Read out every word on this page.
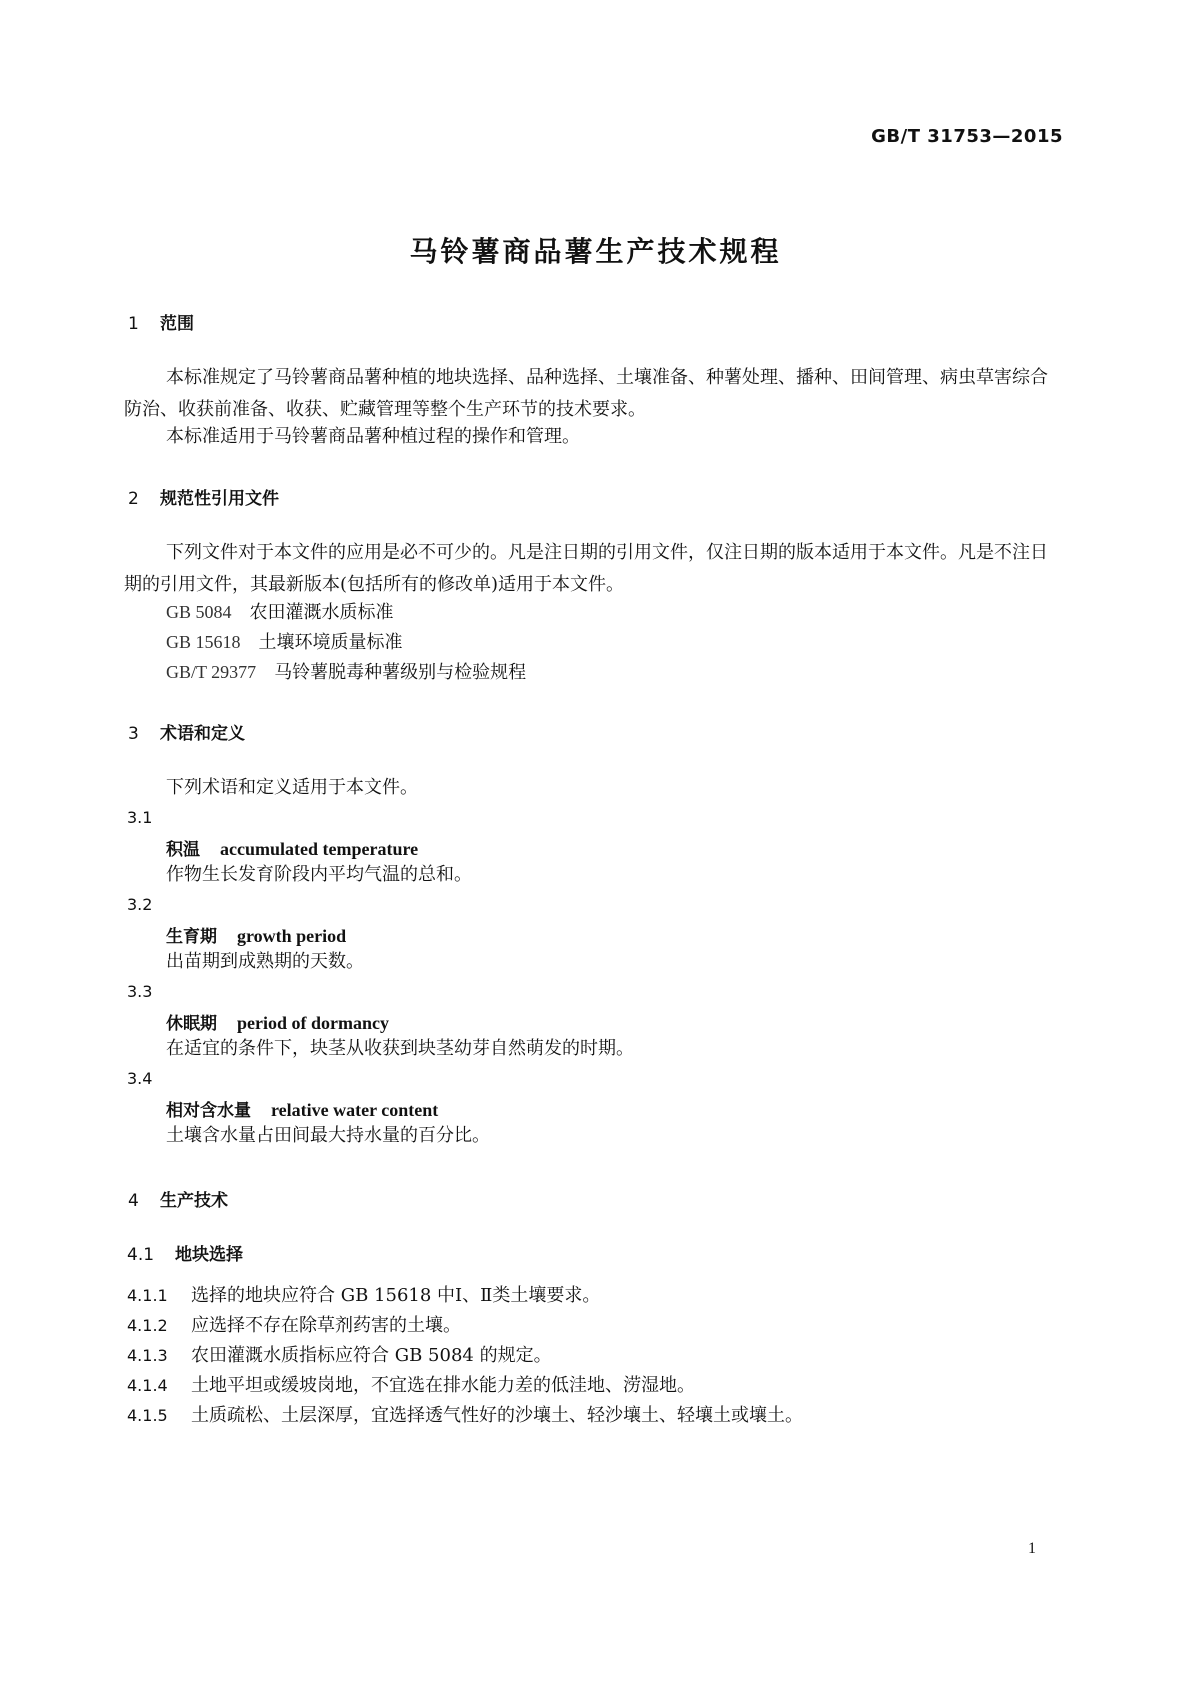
GB/T 31753—2015
马铃薯商品薯生产技术规程
1 范围
本标准规定了马铃薯商品薯种植的地块选择、品种选择、土壤准备、种薯处理、播种、田间管理、病虫草害综合防治、收获前准备、收获、贮藏管理等整个生产环节的技术要求。
本标准适用于马铃薯商品薯种植过程的操作和管理。
2 规范性引用文件
下列文件对于本文件的应用是必不可少的。凡是注日期的引用文件，仅注日期的版本适用于本文件。凡是不注日期的引用文件，其最新版本(包括所有的修改单)适用于本文件。
GB 5084 农田灌溉水质标准
GB 15618 土壤环境质量标准
GB/T 29377 马铃薯脱毒种薯级别与检验规程
3 术语和定义
下列术语和定义适用于本文件。
3.1
积温 accumulated temperature
作物生长发育阶段内平均气温的总和。
3.2
生育期 growth period
出苗期到成熟期的天数。
3.3
休眠期 period of dormancy
在适宜的条件下，块茎从收获到块茎幼芽自然萌发的时期。
3.4
相对含水量 relative water content
土壤含水量占田间最大持水量的百分比。
4 生产技术
4.1 地块选择
4.1.1 选择的地块应符合 GB 15618 中Ⅰ、Ⅱ类土壤要求。
4.1.2 应选择不存在除草剂药害的土壤。
4.1.3 农田灌溉水质指标应符合 GB 5084 的规定。
4.1.4 土地平坦或缓坡岗地，不宜选在排水能力差的低洼地、涝湿地。
4.1.5 土质疏松、土层深厚，宜选择透气性好的沙壤土、轻沙壤土、轻壤土或壤土。
1
